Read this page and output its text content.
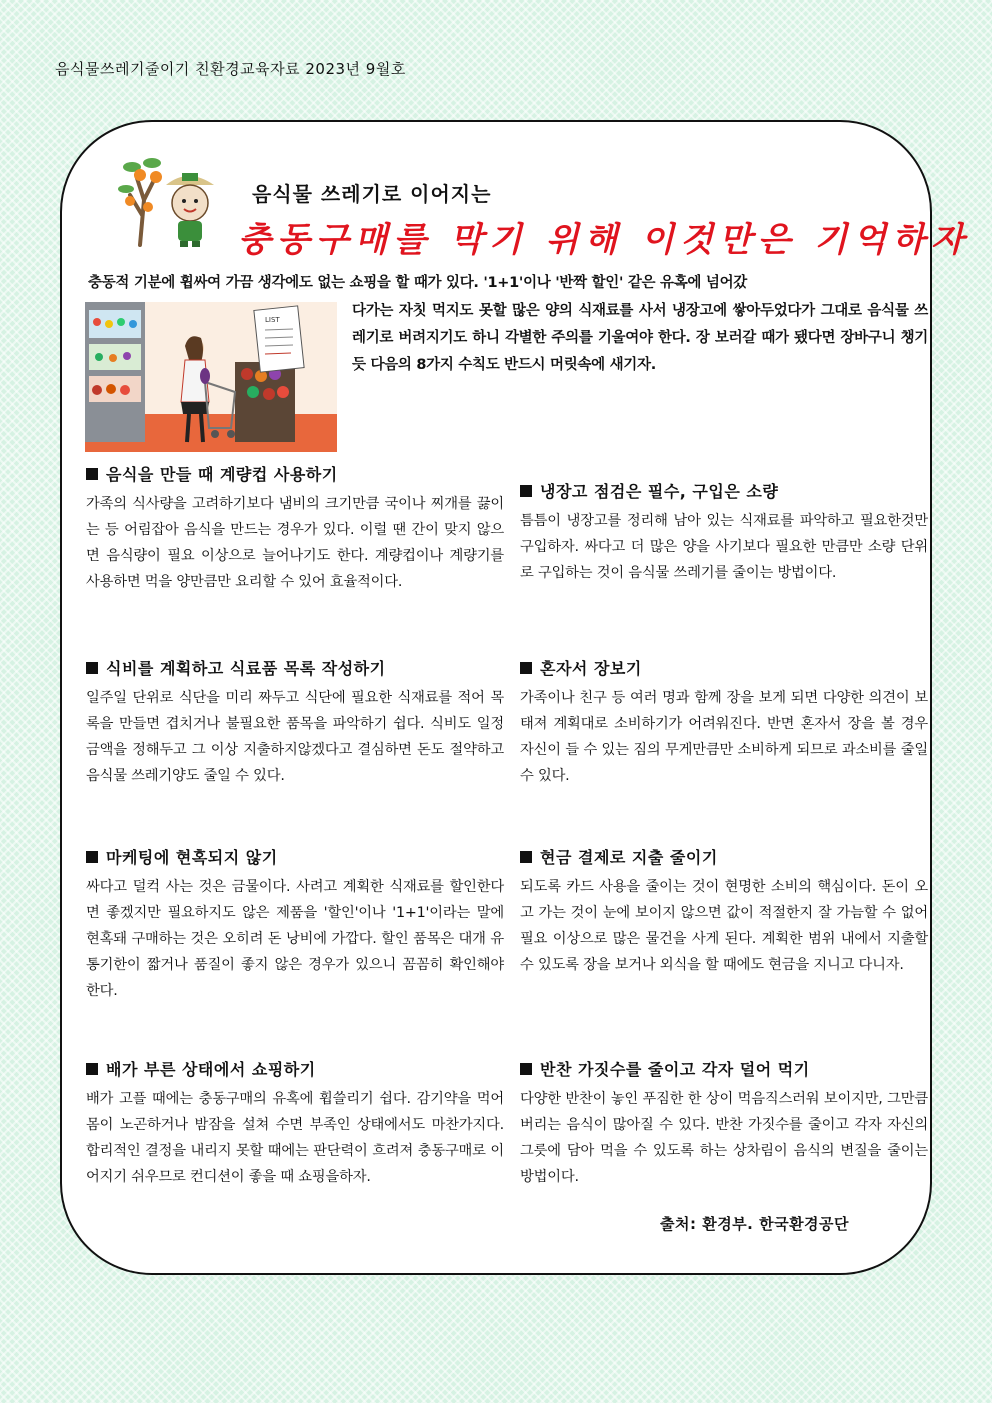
음식물쓰레기줄이기 친환경교육자료 2023년 9월호
음식물 쓰레기로 이어지는
충동구매를 막기 위해 이것만은 기억하자
충동적 기분에 휩싸여 가끔 생각에도 없는 쇼핑을 할 때가 있다. '1+1'이나 '반짝 할인' 같은 유혹에 넘어갔
LIST
다가는 자칫 먹지도 못할 많은 양의 식재료를 사서 냉장고에 쌓아두었다가 그대로 음식물 쓰레기로 버려지기도 하니 각별한 주의를 기울여야 한다. 장 보러갈 때가 됐다면 장바구니 챙기듯 다음의 8가지 수칙도 반드시 머릿속에 새기자.
음식을 만들 때 계량컵 사용하기

가족의 식사량을 고려하기보다 냄비의 크기만큼 국이나 찌개를 끓이는 등 어림잡아 음식을 만드는 경우가 있다. 이럴 땐 간이 맞지 않으면 음식량이 필요 이상으로 늘어나기도 한다. 계량컵이나 계량기를 사용하면 먹을 양만큼만 요리할 수 있어 효율적이다.

식비를 계획하고 식료품 목록 작성하기

일주일 단위로 식단을 미리 짜두고 식단에 필요한 식재료를 적어 목록을 만들면 겹치거나 불필요한 품목을 파악하기 쉽다. 식비도 일정 금액을 정해두고 그 이상 지출하지않겠다고 결심하면 돈도 절약하고 음식물 쓰레기양도 줄일 수 있다.

마케팅에 현혹되지 않기

싸다고 덜컥 사는 것은 금물이다. 사려고 계획한 식재료를 할인한다면 좋겠지만 필요하지도 않은 제품을 '할인'이나 '1+1'이라는 말에 현혹돼 구매하는 것은 오히려 돈 낭비에 가깝다. 할인 품목은 대개 유통기한이 짧거나 품질이 좋지 않은 경우가 있으니 꼼꼼히 확인해야 한다.

배가 부른 상태에서 쇼핑하기

배가 고플 때에는 충동구매의 유혹에 휩쓸리기 쉽다. 감기약을 먹어 몸이 노곤하거나 밤잠을 설쳐 수면 부족인 상태에서도 마찬가지다. 합리적인 결정을 내리지 못할 때에는 판단력이 흐려져 충동구매로 이어지기 쉬우므로 컨디션이 좋을 때 쇼핑을하자.

냉장고 점검은 필수, 구입은 소량

틈틈이 냉장고를 정리해 남아 있는 식재료를 파악하고 필요한것만 구입하자. 싸다고 더 많은 양을 사기보다 필요한 만큼만 소량 단위로 구입하는 것이 음식물 쓰레기를 줄이는 방법이다.

혼자서 장보기

가족이나 친구 등 여러 명과 함께 장을 보게 되면 다양한 의견이 보태져 계획대로 소비하기가 어려워진다. 반면 혼자서 장을 볼 경우 자신이 들 수 있는 짐의 무게만큼만 소비하게 되므로 과소비를 줄일 수 있다.

현금 결제로 지출 줄이기

되도록 카드 사용을 줄이는 것이 현명한 소비의 핵심이다. 돈이 오고 가는 것이 눈에 보이지 않으면 값이 적절한지 잘 가늠할 수 없어 필요 이상으로 많은 물건을 사게 된다. 계획한 범위 내에서 지출할 수 있도록 장을 보거나 외식을 할 때에도 현금을 지니고 다니자.

반찬 가짓수를 줄이고 각자 덜어 먹기

다양한 반찬이 놓인 푸짐한 한 상이 먹음직스러워 보이지만, 그만큼 버리는 음식이 많아질 수 있다. 반찬 가짓수를 줄이고 각자 자신의 그릇에 담아 먹을 수 있도록 하는 상차림이 음식의 변질을 줄이는 방법이다.

출처: 환경부. 한국환경공단
